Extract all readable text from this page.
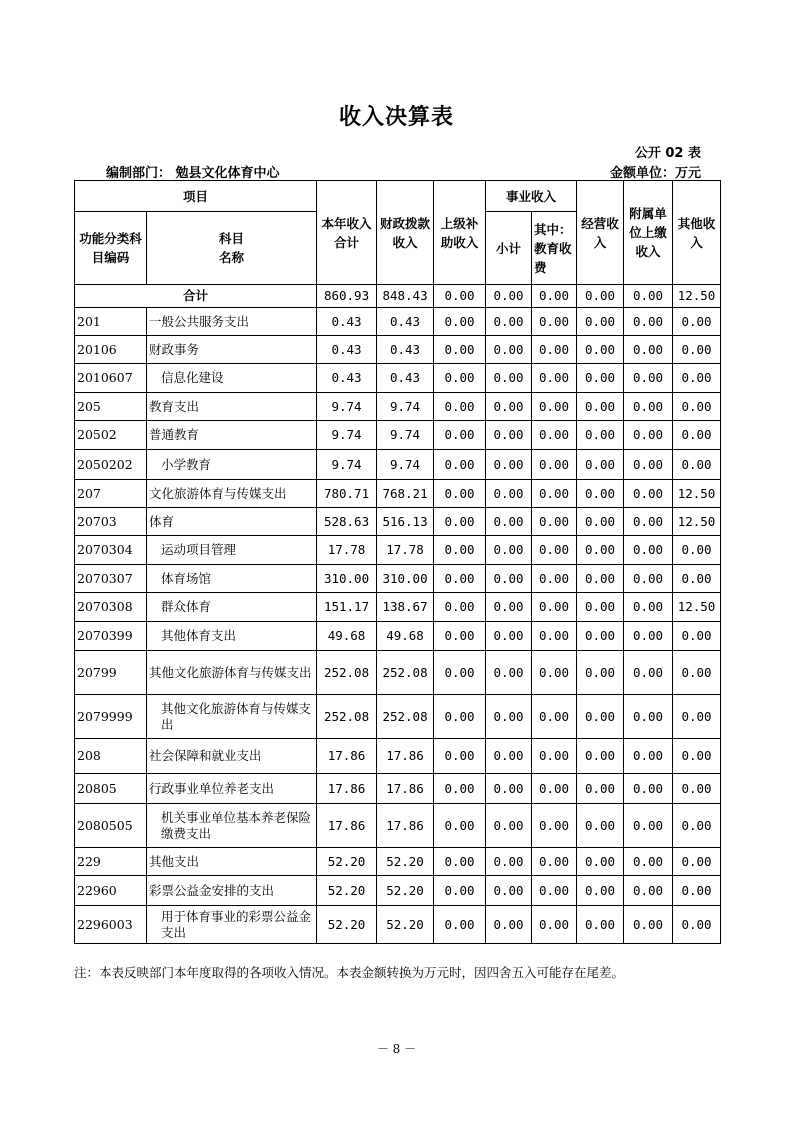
收入决算表
公开 02 表
编制部门： 勉县文化体育中心	金额单位：万元
项目		本年收入合计	财政拨款收入	上级补助收入	事业收入		经营收入	附属单位上缴收入	其他收入
功能分类科目编码	科目
名称				小计	其中：教育收费			

合计		860.93	848.43	0.00	0.00	0.00	0.00	0.00	12.50
201	一般公共服务支出	0.43	0.43	0.00	0.00	0.00	0.00	0.00	0.00
20106	财政事务	0.43	0.43	0.00	0.00	0.00	0.00	0.00	0.00
2010607	信息化建设	0.43	0.43	0.00	0.00	0.00	0.00	0.00	0.00
205	教育支出	9.74	9.74	0.00	0.00	0.00	0.00	0.00	0.00
20502	普通教育	9.74	9.74	0.00	0.00	0.00	0.00	0.00	0.00
2050202	小学教育	9.74	9.74	0.00	0.00	0.00	0.00	0.00	0.00
207	文化旅游体育与传媒支出	780.71	768.21	0.00	0.00	0.00	0.00	0.00	12.50
20703	体育	528.63	516.13	0.00	0.00	0.00	0.00	0.00	12.50
2070304	运动项目管理	17.78	17.78	0.00	0.00	0.00	0.00	0.00	0.00
2070307	体育场馆	310.00	310.00	0.00	0.00	0.00	0.00	0.00	0.00
2070308	群众体育	151.17	138.67	0.00	0.00	0.00	0.00	0.00	12.50
2070399	其他体育支出	49.68	49.68	0.00	0.00	0.00	0.00	0.00	0.00
20799	其他文化旅游体育与传媒支出	252.08	252.08	0.00	0.00	0.00	0.00	0.00	0.00
2079999	其他文化旅游体育与传媒支出	252.08	252.08	0.00	0.00	0.00	0.00	0.00	0.00
208	社会保障和就业支出	17.86	17.86	0.00	0.00	0.00	0.00	0.00	0.00
20805	行政事业单位养老支出	17.86	17.86	0.00	0.00	0.00	0.00	0.00	0.00
2080505	机关事业单位基本养老保险缴费支出	17.86	17.86	0.00	0.00	0.00	0.00	0.00	0.00
229	其他支出	52.20	52.20	0.00	0.00	0.00	0.00	0.00	0.00
22960	彩票公益金安排的支出	52.20	52.20	0.00	0.00	0.00	0.00	0.00	0.00
2296003	用于体育事业的彩票公益金支出	52.20	52.20	0.00	0.00	0.00	0.00	0.00	0.00
注：本表反映部门本年度取得的各项收入情况。本表金额转换为万元时，因四舍五入可能存在尾差。
－ 8 －
